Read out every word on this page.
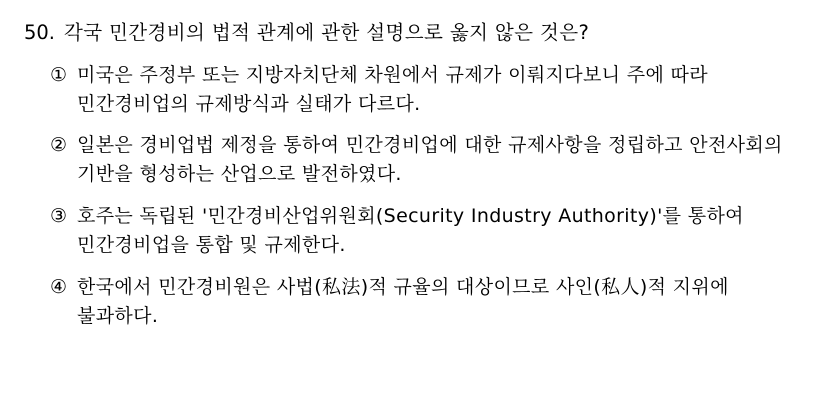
50. 각국 민간경비의 법적 관계에 관한 설명으로 옳지 않은 것은?
① 미국은 주정부 또는 지방자치단체 차원에서 규제가 이뤄지다보니 주에 따라 민간경비업의 규제방식과 실태가 다르다.
② 일본은 경비업법 제정을 통하여 민간경비업에 대한 규제사항을 정립하고 안전사회의 기반을 형성하는 산업으로 발전하였다.
③ 호주는 독립된 '민간경비산업위원회(Security Industry Authority)'를 통하여 민간경비업을 통합 및 규제한다.
④ 한국에서 민간경비원은 사법(私法)적 규율의 대상이므로 사인(私人)적 지위에 불과하다.
